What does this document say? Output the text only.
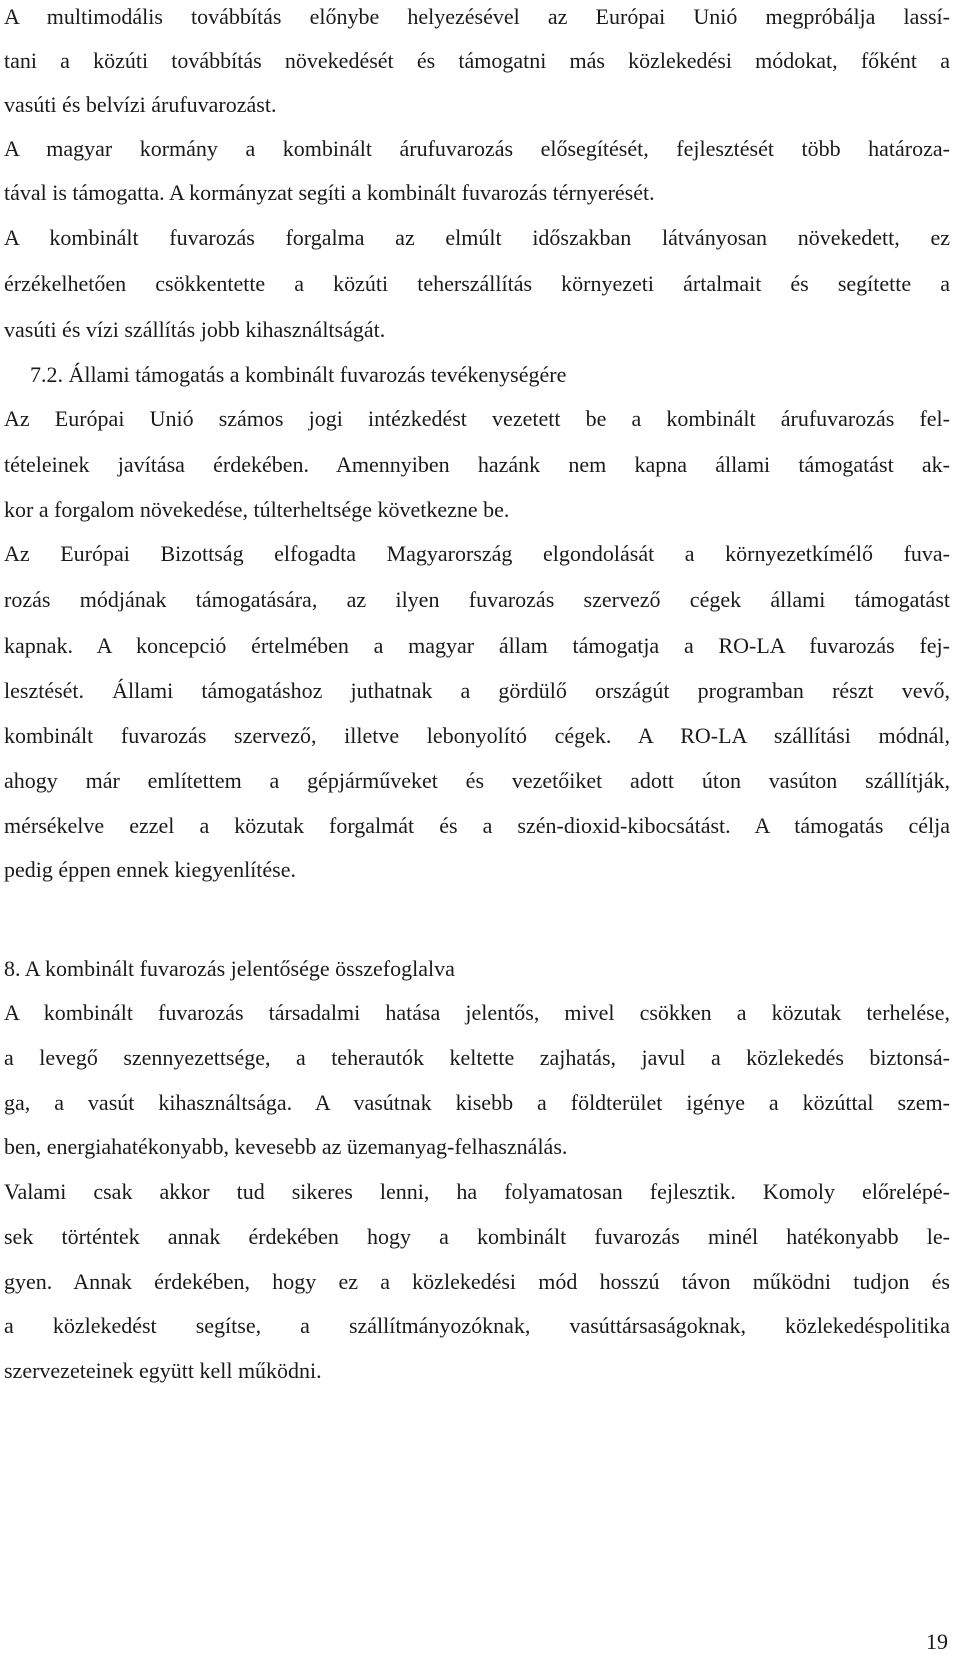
A multimodális továbbítás előnybe helyezésével az Európai Unió megpróbálja lassí-

tani a közúti továbbítás növekedését és támogatni más közlekedési módokat, főként a

vasúti és belvízi árufuvarozást.

A magyar kormány a kombinált árufuvarozás elősegítését, fejlesztését több határoza-

tával is támogatta. A kormányzat segíti a kombinált fuvarozás térnyerését.

A kombinált fuvarozás forgalma az elmúlt időszakban látványosan növekedett, ez

érzékelhetően csökkentette a közúti teherszállítás környezeti ártalmait és segítette a

vasúti és vízi szállítás jobb kihasználtságát.

7.2. Állami támogatás a kombinált fuvarozás tevékenységére

Az Európai Unió számos jogi intézkedést vezetett be a kombinált árufuvarozás fel-

tételeinek javítása érdekében. Amennyiben hazánk nem kapna állami támogatást ak-

kor a forgalom növekedése, túlterheltsége következne be.

Az Európai Bizottság elfogadta Magyarország elgondolását a környezetkímélő fuva-

rozás módjának támogatására, az ilyen fuvarozás szervező cégek állami támogatást

kapnak. A koncepció értelmében a magyar állam támogatja a RO-LA fuvarozás fej-

lesztését. Állami támogatáshoz juthatnak a gördülő országút programban részt vevő,

kombinált fuvarozás szervező, illetve lebonyolító cégek. A RO-LA szállítási módnál,

ahogy már említettem a gépjárműveket és vezetőiket adott úton vasúton szállítják,

mérsékelve ezzel a közutak forgalmát és a szén-dioxid-kibocsátást. A támogatás célja

pedig éppen ennek kiegyenlítése.

8. A kombinált fuvarozás jelentősége összefoglalva

A kombinált fuvarozás társadalmi hatása jelentős, mivel csökken a közutak terhelése,

a levegő szennyezettsége, a teherautók keltette zajhatás, javul a közlekedés biztonsá-

ga, a vasút kihasználtsága. A vasútnak kisebb a földterület igénye a közúttal szem-

ben, energiahatékonyabb, kevesebb az üzemanyag-felhasználás.

Valami csak akkor tud sikeres lenni, ha folyamatosan fejlesztik. Komoly előrelépé-

sek történtek annak érdekében hogy a kombinált fuvarozás minél hatékonyabb le-

gyen. Annak érdekében, hogy ez a közlekedési mód hosszú távon működni tudjon és

a közlekedést segítse, a szállítmányozóknak, vasúttársaságoknak, közlekedéspolitika

szervezeteinek együtt kell működni.

19
